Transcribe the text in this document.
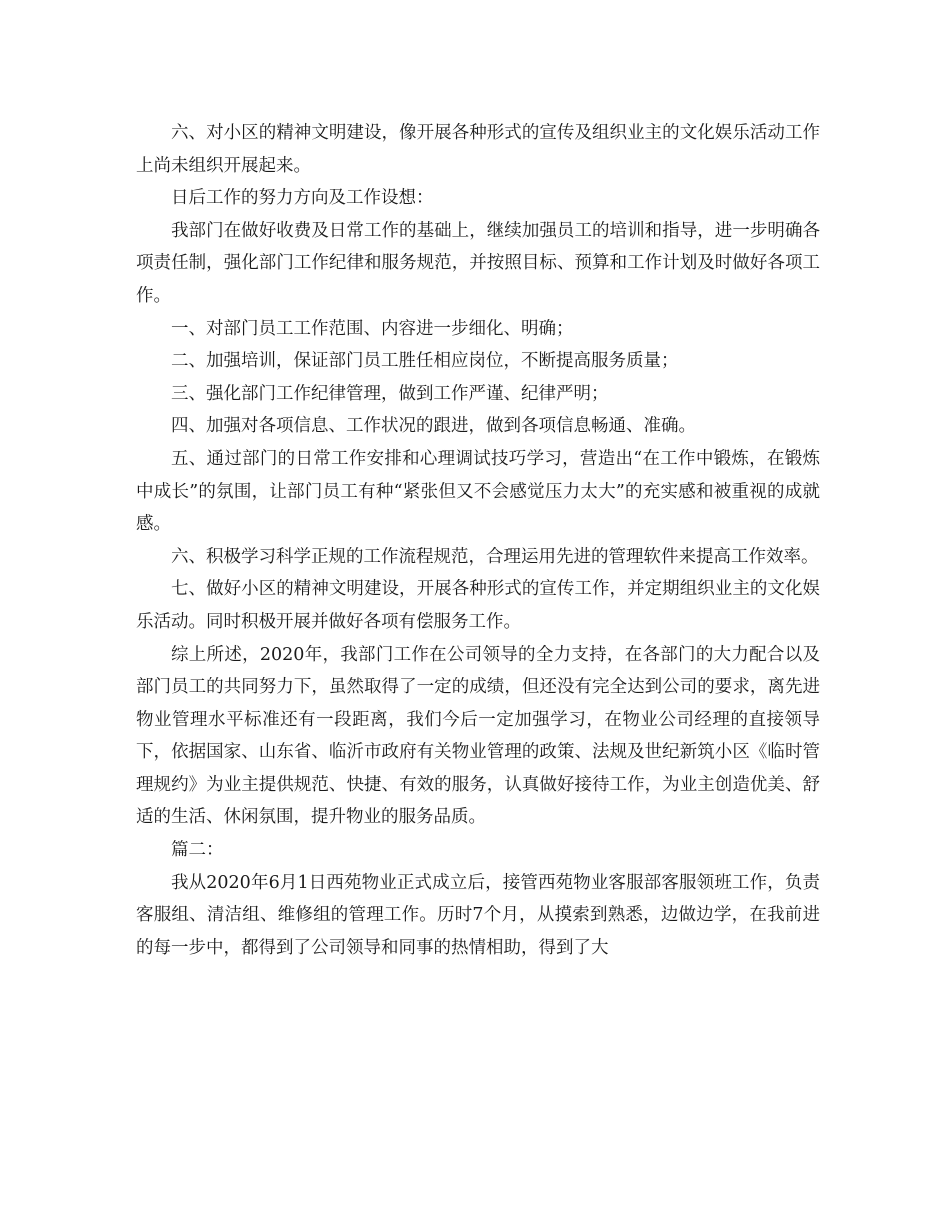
六、对小区的精神文明建设，像开展各种形式的宣传及组织业主的文化娱乐活动工作上尚未组织开展起来。

日后工作的努力方向及工作设想：

我部门在做好收费及日常工作的基础上，继续加强员工的培训和指导，进一步明确各项责任制，强化部门工作纪律和服务规范，并按照目标、预算和工作计划及时做好各项工作。

一、对部门员工工作范围、内容进一步细化、明确；

二、加强培训，保证部门员工胜任相应岗位，不断提高服务质量；

三、强化部门工作纪律管理，做到工作严谨、纪律严明；

四、加强对各项信息、工作状况的跟进，做到各项信息畅通、准确。

五、通过部门的日常工作安排和心理调试技巧学习，营造出“在工作中锻炼，在锻炼中成长”的氛围，让部门员工有种“紧张但又不会感觉压力太大”的充实感和被重视的成就感。

六、积极学习科学正规的工作流程规范，合理运用先进的管理软件来提高工作效率。

七、做好小区的精神文明建设，开展各种形式的宣传工作，并定期组织业主的文化娱乐活动。同时积极开展并做好各项有偿服务工作。

综上所述，2020年，我部门工作在公司领导的全力支持，在各部门的大力配合以及部门员工的共同努力下，虽然取得了一定的成绩，但还没有完全达到公司的要求，离先进物业管理水平标准还有一段距离，我们今后一定加强学习，在物业公司经理的直接领导下，依据国家、山东省、临沂市政府有关物业管理的政策、法规及世纪新筑小区《临时管理规约》为业主提供规范、快捷、有效的服务，认真做好接待工作，为业主创造优美、舒适的生活、休闲氛围，提升物业的服务品质。

篇二：

我从2020年6月1日西苑物业正式成立后，接管西苑物业客服部客服领班工作，负责客服组、清洁组、维修组的管理工作。历时7个月，从摸索到熟悉，边做边学，在我前进的每一步中，都得到了公司领导和同事的热情相助，得到了大
